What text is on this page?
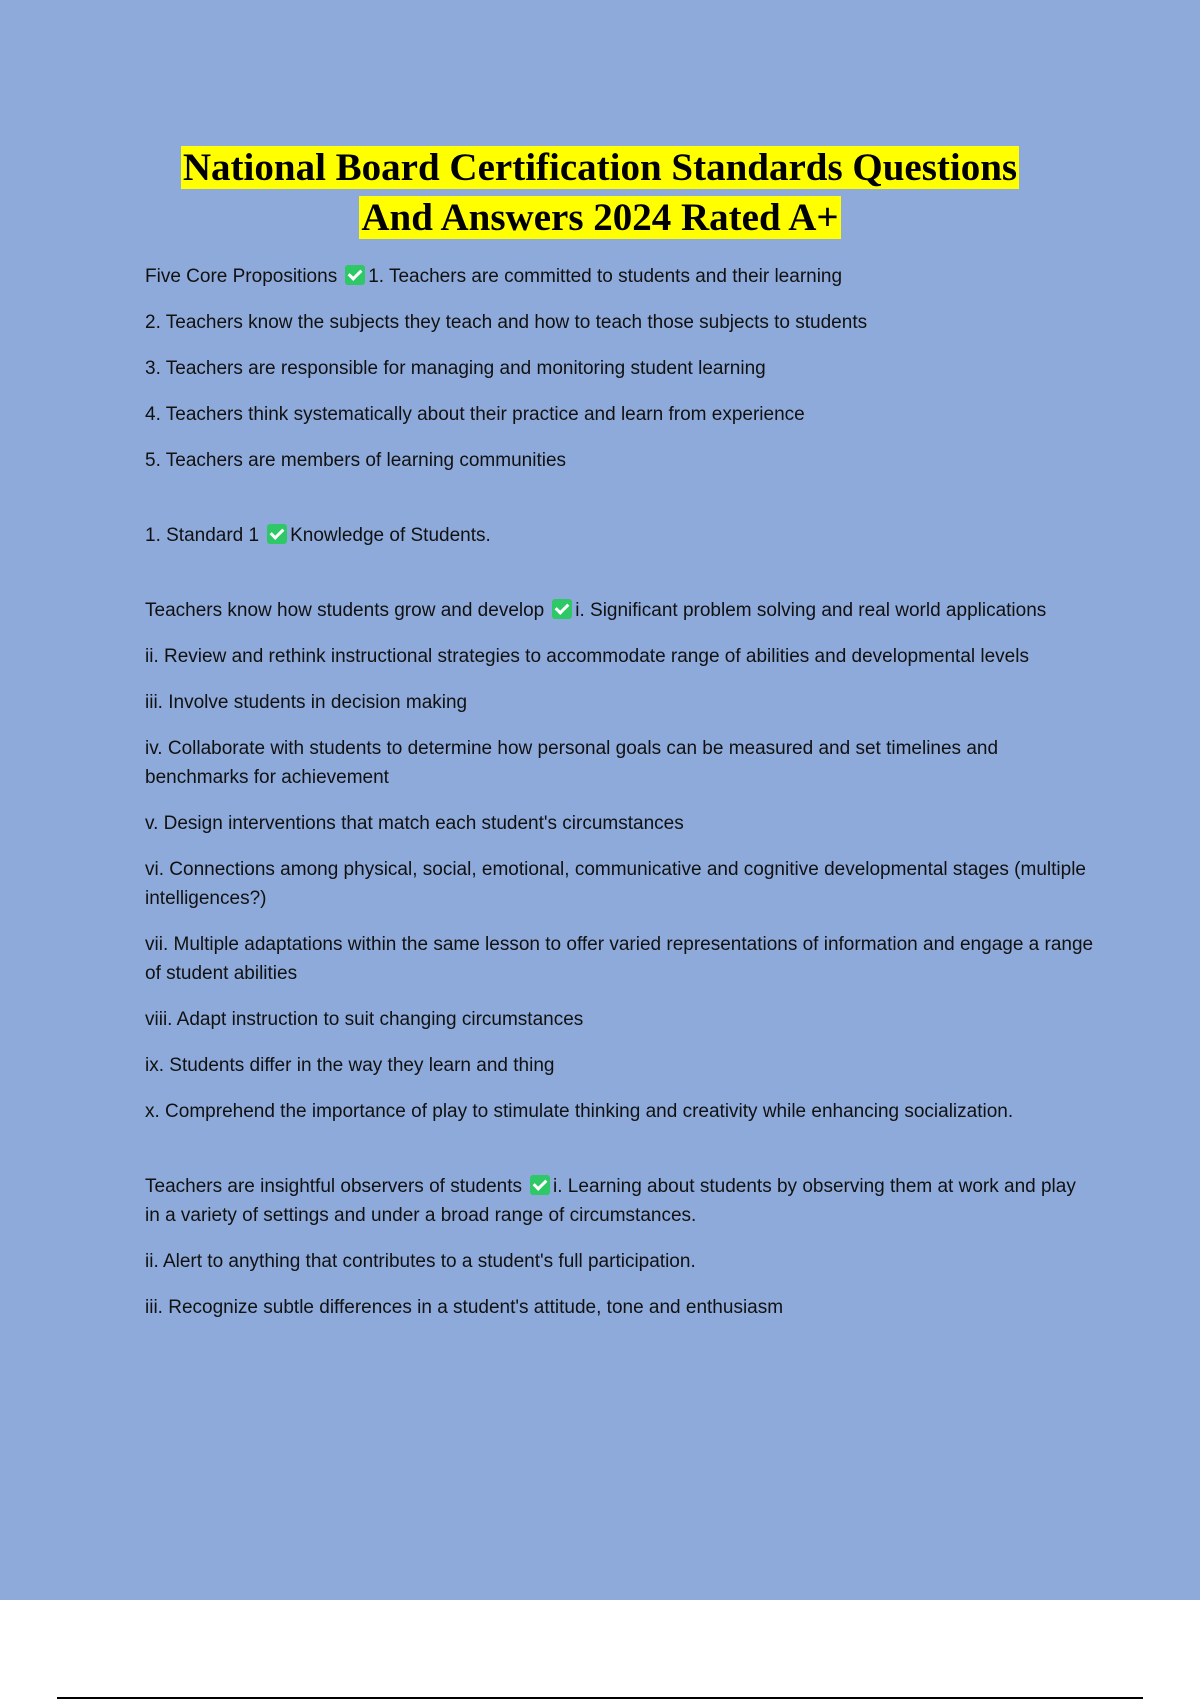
National Board Certification Standards Questions
And Answers 2024 Rated A+

Five Core Propositions 1. Teachers are committed to students and their learning

2. Teachers know the subjects they teach and how to teach those subjects to students

3. Teachers are responsible for managing and monitoring student learning

4. Teachers think systematically about their practice and learn from experience

5. Teachers are members of learning communities

1. Standard 1 Knowledge of Students.

Teachers know how students grow and develop i. Significant problem solving and real world applications

ii. Review and rethink instructional strategies to accommodate range of abilities and developmental levels

iii. Involve students in decision making

iv. Collaborate with students to determine how personal goals can be measured and set timelines and benchmarks for achievement

v. Design interventions that match each student's circumstances

vi. Connections among physical, social, emotional, communicative and cognitive developmental stages (multiple intelligences?)

vii. Multiple adaptations within the same lesson to offer varied representations of information and engage a range of student abilities

viii. Adapt instruction to suit changing circumstances

ix. Students differ in the way they learn and thing

x. Comprehend the importance of play to stimulate thinking and creativity while enhancing socialization.

Teachers are insightful observers of students i. Learning about students by observing them at work and play in a variety of settings and under a broad range of circumstances.

ii. Alert to anything that contributes to a student's full participation.

iii. Recognize subtle differences in a student's attitude, tone and enthusiasm
